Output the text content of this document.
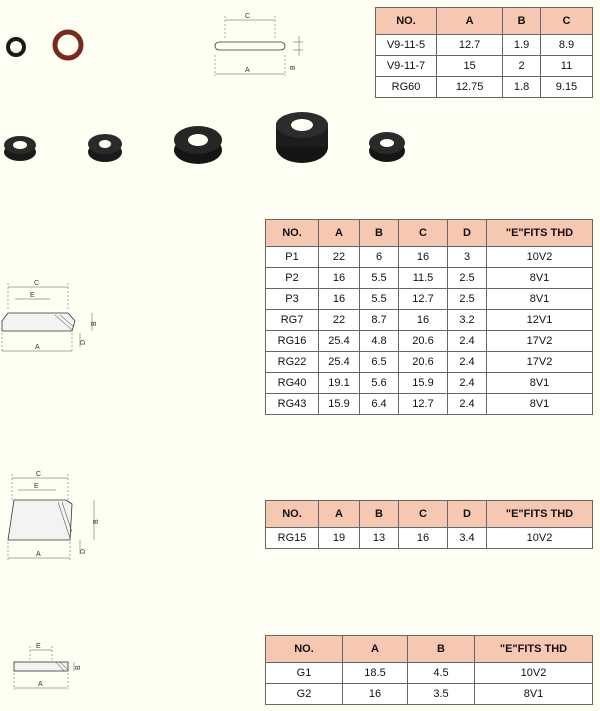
C
A	B
NO.	A	B	C
V9-11-5	12.7	1.9	8.9
V9-11-7	15	2	11
RG60	12.75	1.8	9.15
C
E
A
B
D
NO.	A	B	C	D	"E"FITS THD
P1	22	6	16	3	10V2
P2	16	5.5	11.5	2.5	8V1
P3	16	5.5	12.7	2.5	8V1
RG7	22	8.7	16	3.2	12V1
RG16	25.4	4.8	20.6	2.4	17V2
RG22	25.4	6.5	20.6	2.4	17V2
RG40	19.1	5.6	15.9	2.4	8V1
RG43	15.9	6.4	12.7	2.4	8V1
C
E
A
B
D
NO.	A	B	C	D	"E"FITS THD
RG15	19	13	16	3.4	10V2
E
A
B
NO.	A	B	"E"FITS THD
G1	18.5	4.5	10V2
G2	16	3.5	8V1
